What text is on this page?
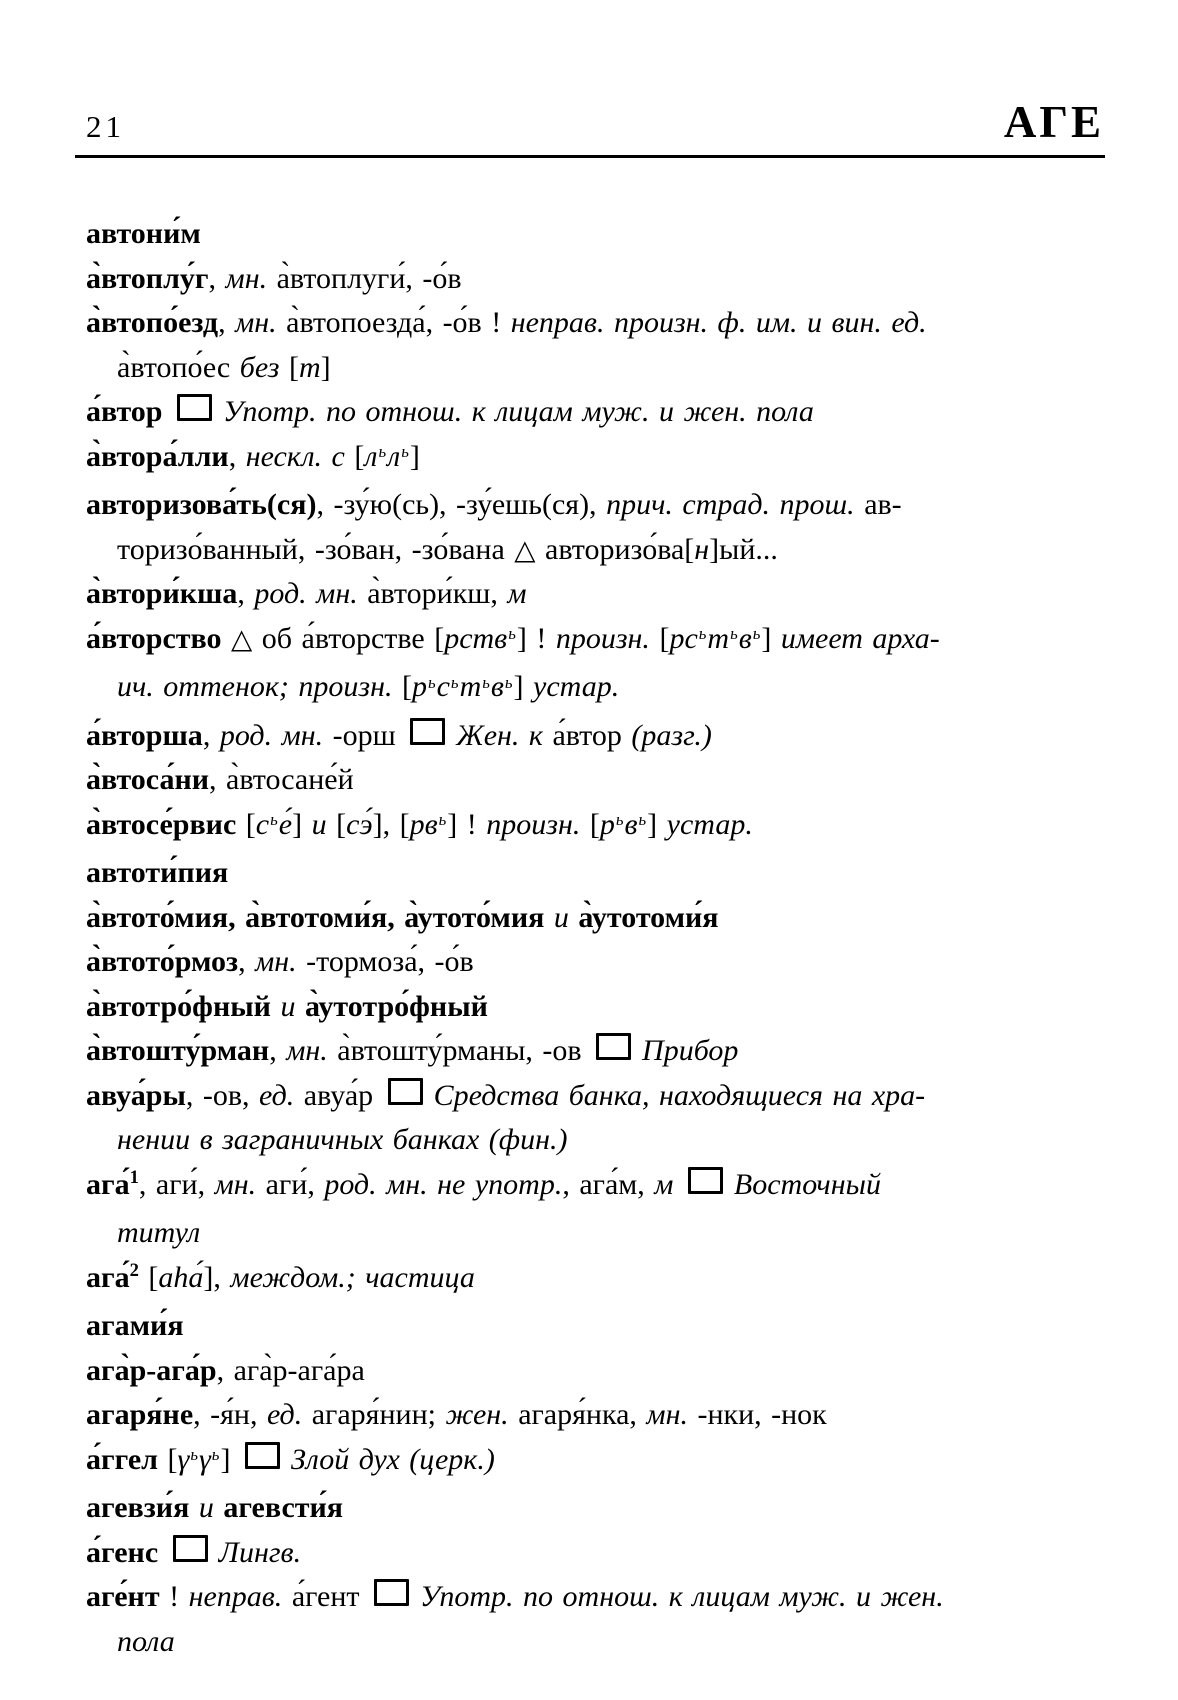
21	АГЕ
автони́м
а̀втоплу́г, мн. а̀втоплуги́, -о́в
а̀втопо́езд, мн. а̀втопоезда́, -о́в ! неправ. произн. ф. им. и вин. ед.
а̀втопо́ес без [т]
а́втор Употр. по отнош. к лицам муж. и жен. пола
а̀втора́лли, нескл. с $[л^ьл^ь]$
авторизова́ть(ся), -зу́ю(сь), -зу́ешь(ся), прич. страд. прош. ав-
торизо́ванный, -зо́ван, -зо́вана △ авторизо́ва[н]ый...
а̀втори́кша, род. мн. а̀втори́кш, м
а́вторство △ об а́вторстве [рств$^ь$] ! произн. $[рс^ьт^ьв^ь]$ имеет арха-
ич. оттенок; произн. $[р^ьс^ьт^ьв^ь]$ устар.
а́вторша, род. мн. -орш Жен. к а́втор (разг.)
а̀втоса́ни, а̀втосане́й
а̀втосе́рвис $[с^ье́]$ и [сэ́], $[рв^ь]$ ! произн. $[р^ьв^ь]$ устар.
автоти́пия
а̀втото́мия, а̀втотоми́я, а̀утото́мия и а̀утотоми́я
а̀втото́рмоз, мн. -тормоза́, -о́в
а̀втотро́фный и а̀утотро́фный
а̀втошту́рман, мн. а̀втошту́рманы, -ов Прибор
авуа́ры, -ов, ед. авуа́р Средства банка, находящиеся на хра-
нении в заграничных банках (фин.)
ага́$^1$, аги́, мн. аги́, род. мн. не употр., ага́м, м Восточный
титул
ага́$^2$ [аhа́], междом.; частица
агами́я
ага̀р-ага́р, ага̀р-ага́ра
агаря́не, -я́н, ед. агаря́нин; жен. агаря́нка, мн. -нки, -нок
а́ггел $[\gamma^ь\gamma^ь]$ Злой дух (церк.)
агевзи́я и агевсти́я
а́генс Лингв.
аге́нт ! неправ. а́гент Употр. по отнош. к лицам муж. и жен.
пола
